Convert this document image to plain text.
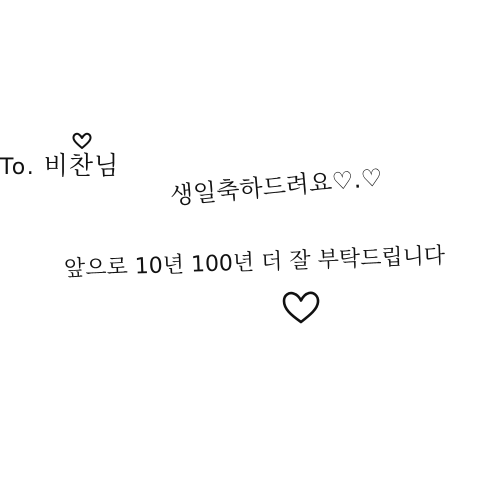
To. 비찬님 생일축하드려요♡.♡
앞으로 10년 100년 더 잘 부탁드립니다
